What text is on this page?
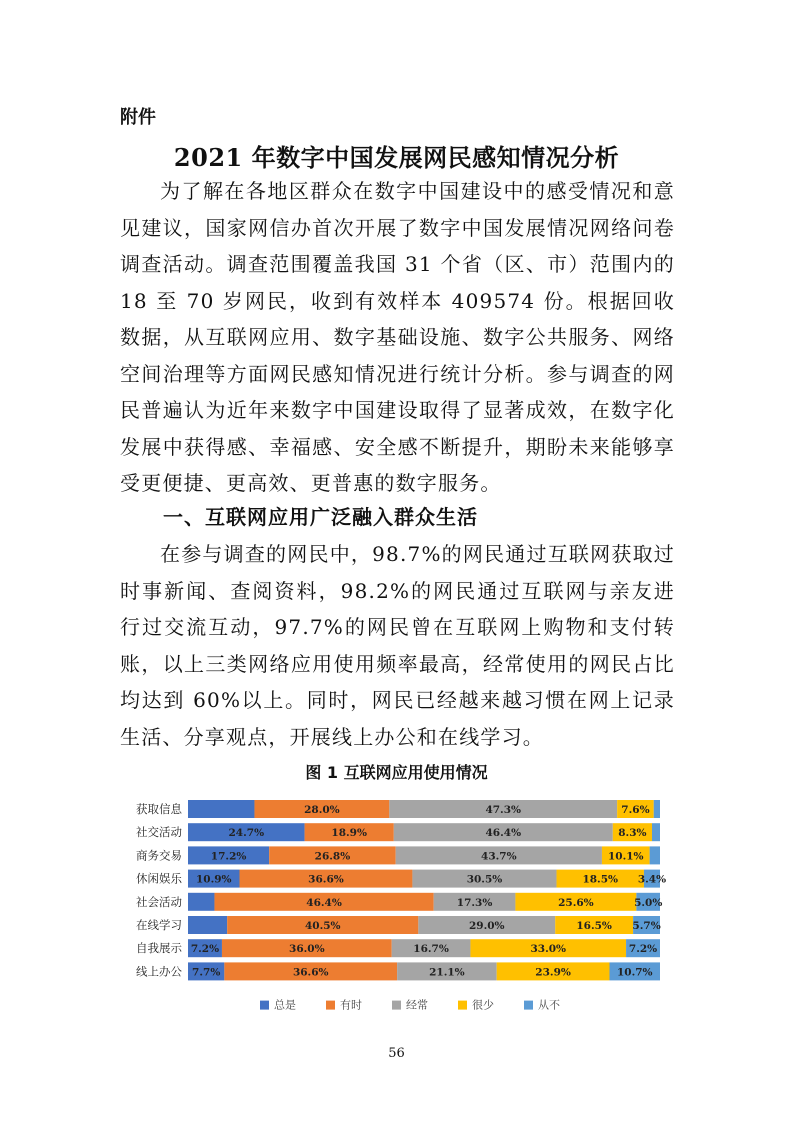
附件
2021 年数字中国发展网民感知情况分析

为了解在各地区群众在数字中国建设中的感受情况和意见建议，国家网信办首次开展了数字中国发展情况网络问卷调查活动。调查范围覆盖我国 31 个省（区、市）范围内的 18 至 70 岁网民，收到有效样本 409574 份。根据回收数据，从互联网应用、数字基础设施、数字公共服务、网络空间治理等方面网民感知情况进行统计分析。参与调查的网民普遍认为近年来数字中国建设取得了显著成效，在数字化发展中获得感、幸福感、安全感不断提升，期盼未来能够享受更便捷、更高效、更普惠的数字服务。

一、互联网应用广泛融入群众生活

在参与调查的网民中，98.7%的网民通过互联网获取过时事新闻、查阅资料，98.2%的网民通过互联网与亲友进行过交流互动，97.7%的网民曾在互联网上购物和支付转账，以上三类网络应用使用频率最高，经常使用的网民占比均达到 60%以上。同时，网民已经越来越习惯在网上记录生活、分享观点，开展线上办公和在线学习。

图 1 互联网应用使用情况
获取信息	28.0%	47.3%	7.6%
社交活动	24.7%	18.9%	46.4%	8.3%
商务交易	17.2%	26.8%	43.7%	10.1%
休闲娱乐 10.9%	36.6%	30.5%	18.5% 3.4%
社会活动	46.4%	17.3%	25.6%	5.0%
在线学习	40.5%	29.0%	16.5% 5.7%
自我展示 7.2%	36.0%	16.7%	33.0%	7.2%
线上办公 7.7%	36.6%	21.1%	23.9%	10.7%
总是	有时	经常	很少	从不
56
